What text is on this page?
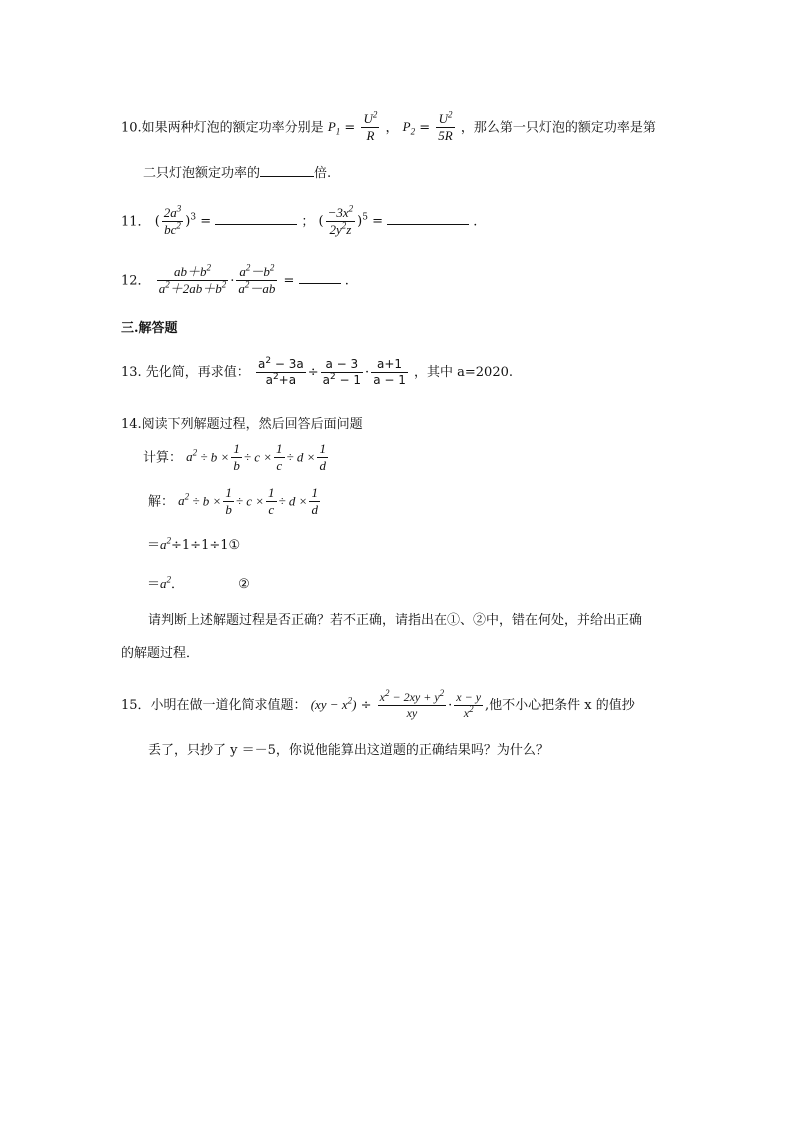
10.如果两种灯泡的额定功率分别是 $P_1 = \frac{U^2}{R}$ ， $P_2 = \frac{U^2}{5R}$ ，那么第一只灯泡的额定功率是第
二只灯泡额定功率的	倍.
11． ( $\frac{2a^3}{bc^2} )^3$ =	； ( $\frac{-3x^2}{2y^2z} )^5$ =	.
12． $\frac{ab+b^2}{a^2+2ab+b^2} \cdot \frac{a^2-b^2}{a^2-ab}$ =	.
三.解答题
13. 先化简，再求值： $\frac{a^2 - 3a}{a^2+a} \div \frac{a - 3}{a^2 - 1} \cdot \frac{a+1}{a - 1}$ ，其中 a=2020.
14.阅读下列解题过程，然后回答后面问题
计算： $a^2 \div b \times \frac{1}{b} \div c \times \frac{1}{c} \div d \times \frac{1}{d}$
解： $a^2 \div b \times \frac{1}{b} \div c \times \frac{1}{c} \div d \times \frac{1}{d}$
$=a^2\div 1\div 1\div 1①$
$=a^2$．	②
请判断上述解题过程是否正确？若不正确，请指出在①、②中，错在何处，并给出正确
的解题过程．
15．小明在做一道化简求值题： $(xy - x^2) \div \frac{x^2 - 2xy + y^2}{xy} \cdot \frac{x - y}{x^2}$ ,他不小心把条件 x 的值抄
丢了，只抄了 y ＝－5，你说他能算出这道题的正确结果吗？为什么？
